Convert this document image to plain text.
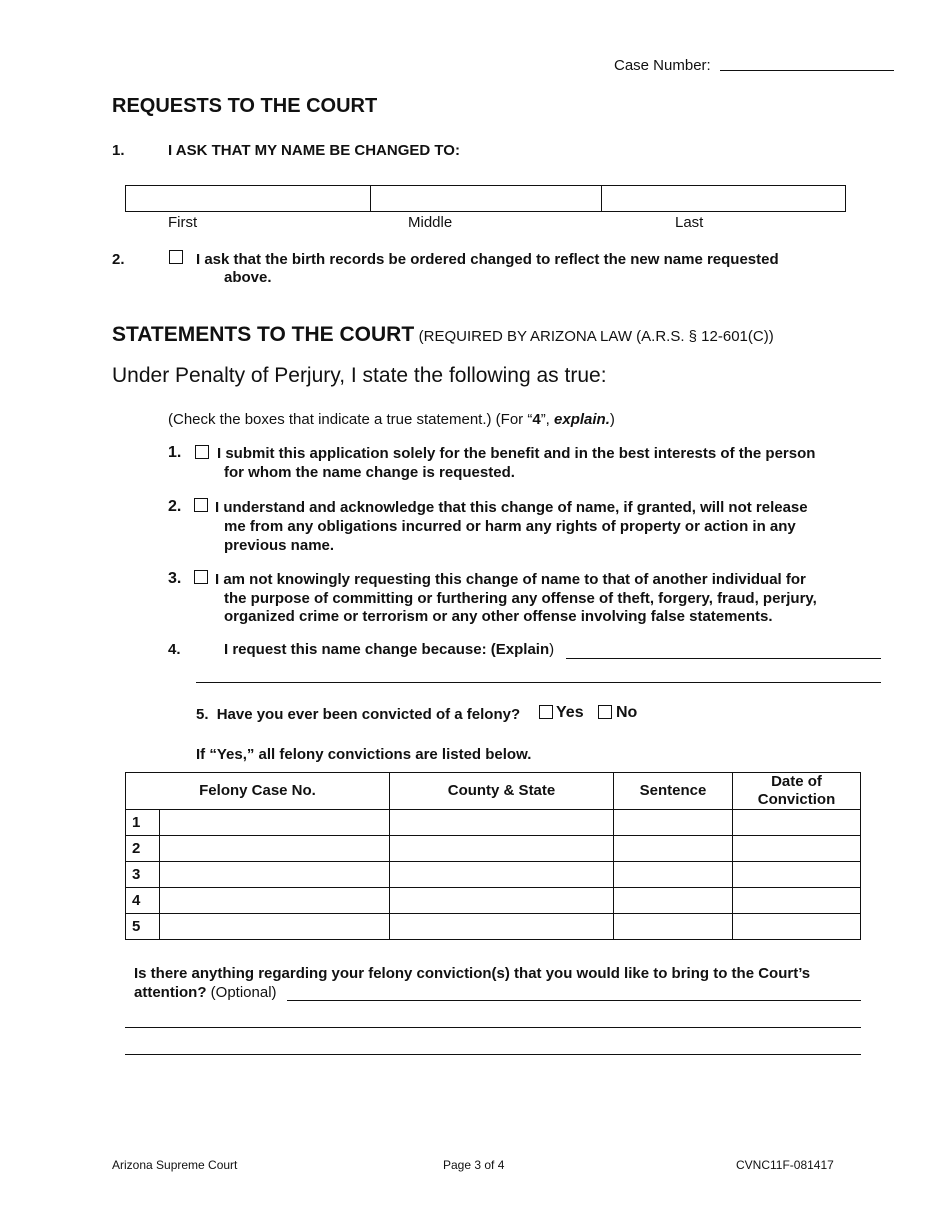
Case Number:
REQUESTS TO THE COURT
1.	I ASK THAT MY NAME BE CHANGED TO:
First	Middle	Last
2.	I ask that the birth records be ordered changed to reflect the new name requested
above.
STATEMENTS TO THE COURT (REQUIRED BY ARIZONA LAW (A.R.S. § 12-601(C))
Under Penalty of Perjury, I state the following as true:
(Check the boxes that indicate a true statement.) (For “4”, explain.)
1. I submit this application solely for the benefit and in the best interests of the person
for whom the name change is requested.
2. I understand and acknowledge that this change of name, if granted, will not release
me from any obligations incurred or harm any rights of property or action in any
previous name.
3. I am not knowingly requesting this change of name to that of another individual for
the purpose of committing or furthering any offense of theft, forgery, fraud, perjury,
organized crime or terrorism or any other offense involving false statements.
4.	I request this name change because: (Explain)
5. Have you ever been convicted of a felony? Yes No
If “Yes,” all felony convictions are listed below.
Felony Case No.		County & State	Sentence	Date of Conviction
1				
2				
3				
4				
5				
Is there anything regarding your felony conviction(s) that you would like to bring to the Court’s
attention? (Optional)
Arizona Supreme Court	Page 3 of 4	CVNC11F-081417
